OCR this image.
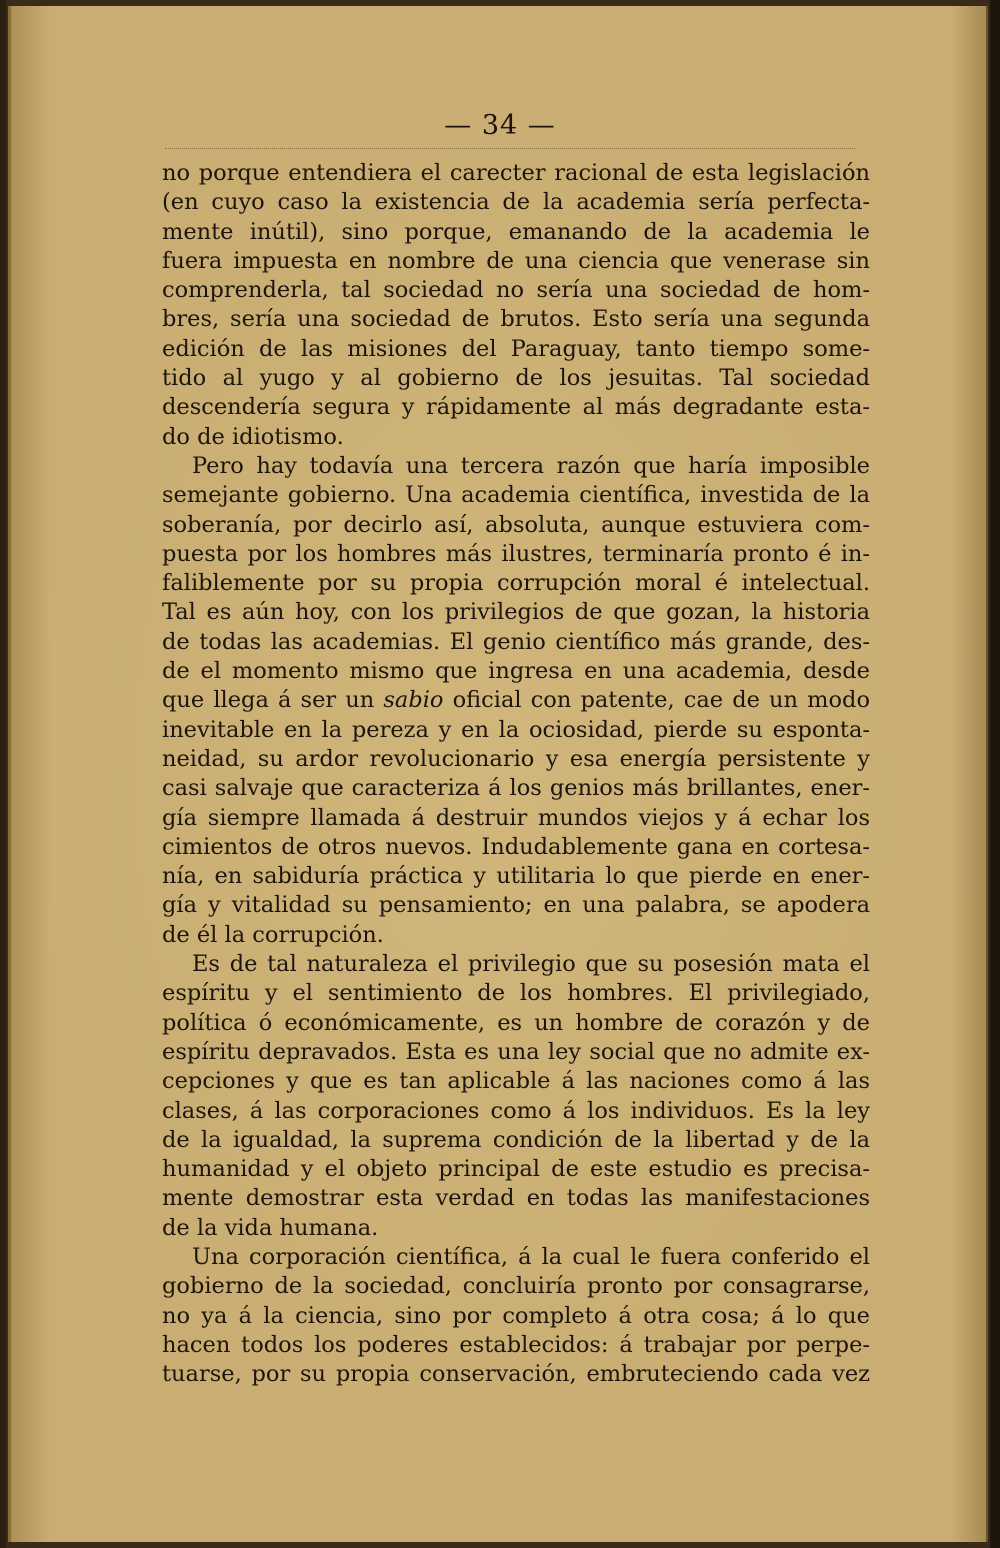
— 34 —
no porque entendiera el carecter racional de esta legislación
(en cuyo caso la existencia de la academia sería perfecta-
mente inútil), sino porque, emanando de la academia le
fuera impuesta en nombre de una ciencia que venerase sin
comprenderla, tal sociedad no sería una sociedad de hom-
bres, sería una sociedad de brutos. Esto sería una segunda
edición de las misiones del Paraguay, tanto tiempo some-
tido al yugo y al gobierno de los jesuitas. Tal sociedad
descendería segura y rápidamente al más degradante esta-
do de idiotismo.
Pero hay todavía una tercera razón que haría imposible
semejante gobierno. Una academia científica, investida de la
soberanía, por decirlo así, absoluta, aunque estuviera com-
puesta por los hombres más ilustres, terminaría pronto é in-
faliblemente por su propia corrupción moral é intelectual.
Tal es aún hoy, con los privilegios de que gozan, la historia
de todas las academias. El genio científico más grande, des-
de el momento mismo que ingresa en una academia, desde
que llega á ser un sabio oficial con patente, cae de un modo
inevitable en la pereza y en la ociosidad, pierde su esponta-
neidad, su ardor revolucionario y esa energía persistente y
casi salvaje que caracteriza á los genios más brillantes, ener-
gía siempre llamada á destruir mundos viejos y á echar los
cimientos de otros nuevos. Indudablemente gana en cortesa-
nía, en sabiduría práctica y utilitaria lo que pierde en ener-
gía y vitalidad su pensamiento; en una palabra, se apodera
de él la corrupción.
Es de tal naturaleza el privilegio que su posesión mata el
espíritu y el sentimiento de los hombres. El privilegiado,
política ó económicamente, es un hombre de corazón y de
espíritu depravados. Esta es una ley social que no admite ex-
cepciones y que es tan aplicable á las naciones como á las
clases, á las corporaciones como á los individuos. Es la ley
de la igualdad, la suprema condición de la libertad y de la
humanidad y el objeto principal de este estudio es precisa-
mente demostrar esta verdad en todas las manifestaciones
de la vida humana.
Una corporación científica, á la cual le fuera conferido el
gobierno de la sociedad, concluiría pronto por consagrarse,
no ya á la ciencia, sino por completo á otra cosa; á lo que
hacen todos los poderes establecidos: á trabajar por perpe-
tuarse, por su propia conservación, embruteciendo cada vez
